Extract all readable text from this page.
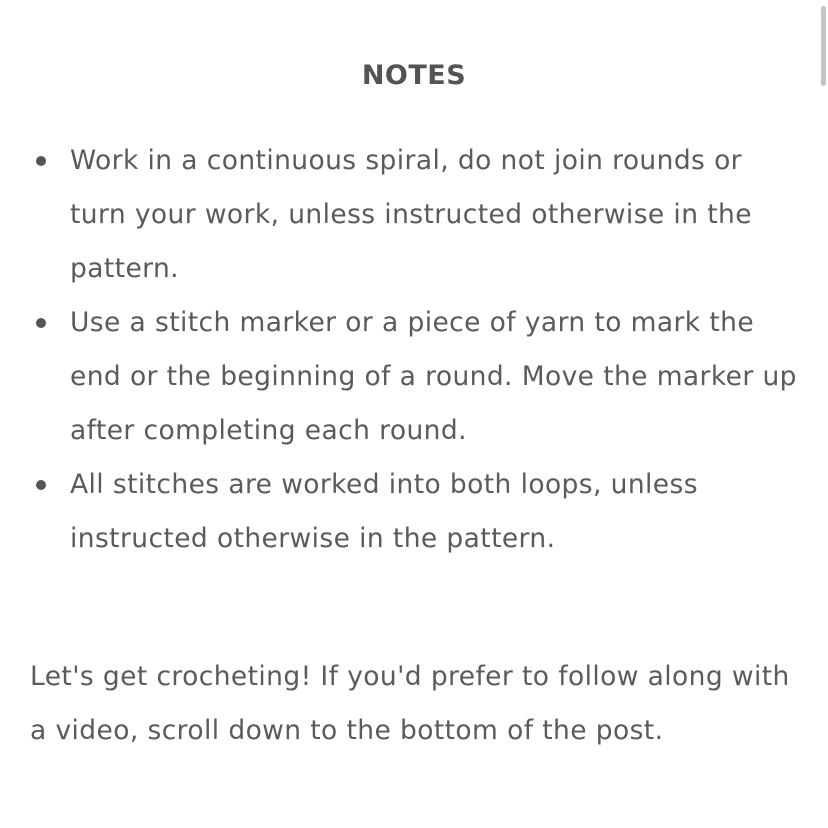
NOTES
Work in a continuous spiral, do not join rounds or turn your work, unless instructed otherwise in the pattern.
Use a stitch marker or a piece of yarn to mark the end or the beginning of a round. Move the marker up after completing each round.
All stitches are worked into both loops, unless instructed otherwise in the pattern.

Let's get crocheting! If you'd prefer to follow along with a video, scroll down to the bottom of the post.
